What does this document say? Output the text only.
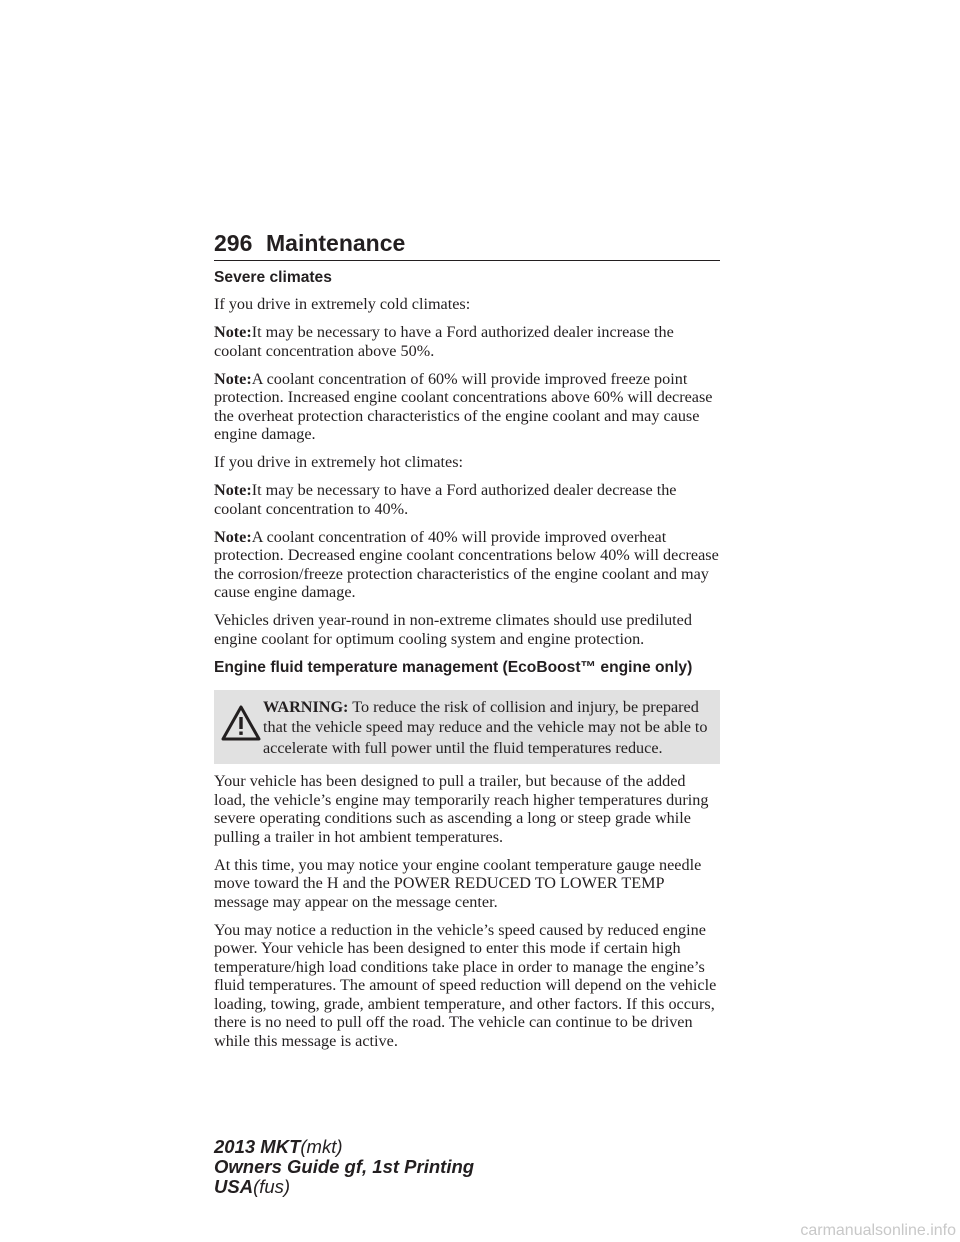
296 Maintenance
Severe climates

If you drive in extremely cold climates:

Note:It may be necessary to have a Ford authorized dealer increase the coolant concentration above 50%.

Note:A coolant concentration of 60% will provide improved freeze point protection. Increased engine coolant concentrations above 60% will decrease the overheat protection characteristics of the engine coolant and may cause engine damage.

If you drive in extremely hot climates:

Note:It may be necessary to have a Ford authorized dealer decrease the coolant concentration to 40%.

Note:A coolant concentration of 40% will provide improved overheat protection. Decreased engine coolant concentrations below 40% will decrease the corrosion/freeze protection characteristics of the engine coolant and may cause engine damage.

Vehicles driven year-round in non-extreme climates should use prediluted engine coolant for optimum cooling system and engine protection.

Engine fluid temperature management (EcoBoost™ engine only)
WARNING: To reduce the risk of collision and injury, be prepared that the vehicle speed may reduce and the vehicle may not be able to accelerate with full power until the fluid temperatures reduce.

Your vehicle has been designed to pull a trailer, but because of the added load, the vehicle’s engine may temporarily reach higher temperatures during severe operating conditions such as ascending a long or steep grade while pulling a trailer in hot ambient temperatures.

At this time, you may notice your engine coolant temperature gauge needle move toward the H and the POWER REDUCED TO LOWER TEMP message may appear on the message center.

You may notice a reduction in the vehicle’s speed caused by reduced engine power. Your vehicle has been designed to enter this mode if certain high temperature/high load conditions take place in order to manage the engine’s fluid temperatures. The amount of speed reduction will depend on the vehicle loading, towing, grade, ambient temperature, and other factors. If this occurs, there is no need to pull off the road. The vehicle can continue to be driven while this message is active.

2013 MKT(mkt)
Owners Guide gf, 1st Printing
USA(fus)
carmanualsonline.info
